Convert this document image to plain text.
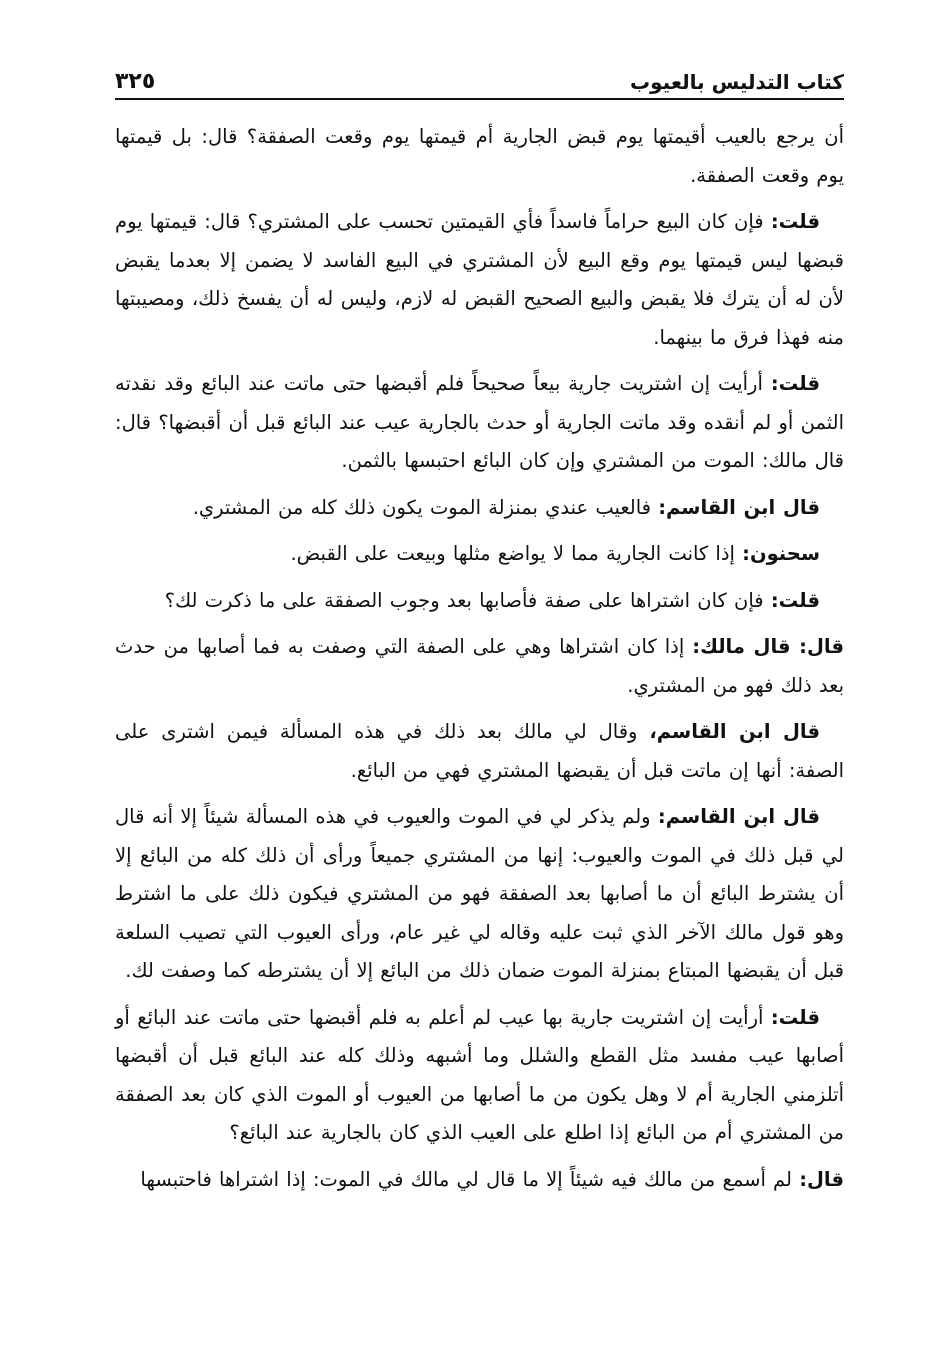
كتاب التدليس بالعيوب
٣٢٥

أن يرجع بالعيب أقيمتها يوم قبض الجارية أم قيمتها يوم وقعت الصفقة؟ قال: بل قيمتها يوم وقعت الصفقة.

قلت: فإن كان البيع حراماً فاسداً فأي القيمتين تحسب على المشتري؟ قال: قيمتها يوم قبضها ليس قيمتها يوم وقع البيع لأن المشتري في البيع الفاسد لا يضمن إلا بعدما يقبض لأن له أن يترك فلا يقبض والبيع الصحيح القبض له لازم، وليس له أن يفسخ ذلك، ومصيبتها منه فهذا فرق ما بينهما.

قلت: أرأيت إن اشتريت جارية بيعاً صحيحاً فلم أقبضها حتى ماتت عند البائع وقد نقدته الثمن أو لم أنقده وقد ماتت الجارية أو حدث بالجارية عيب عند البائع قبل أن أقبضها؟ قال: قال مالك: الموت من المشتري وإن كان البائع احتبسها بالثمن.

قال ابن القاسم: فالعيب عندي بمنزلة الموت يكون ذلك كله من المشتري.

سحنون: إذا كانت الجارية مما لا يواضع مثلها وبيعت على القبض.

قلت: فإن كان اشتراها على صفة فأصابها بعد وجوب الصفقة على ما ذكرت لك؟

قال: قال مالك: إذا كان اشتراها وهي على الصفة التي وصفت به فما أصابها من حدث بعد ذلك فهو من المشتري.

قال ابن القاسم، وقال لي مالك بعد ذلك في هذه المسألة فيمن اشترى على الصفة: أنها إن ماتت قبل أن يقبضها المشتري فهي من البائع.

قال ابن القاسم: ولم يذكر لي في الموت والعيوب في هذه المسألة شيئاً إلا أنه قال لي قبل ذلك في الموت والعيوب: إنها من المشتري جميعاً ورأى أن ذلك كله من البائع إلا أن يشترط البائع أن ما أصابها بعد الصفقة فهو من المشتري فيكون ذلك على ما اشترط وهو قول مالك الآخر الذي ثبت عليه وقاله لي غير عام، ورأى العيوب التي تصيب السلعة قبل أن يقبضها المبتاع بمنزلة الموت ضمان ذلك من البائع إلا أن يشترطه كما وصفت لك.

قلت: أرأيت إن اشتريت جارية بها عيب لم أعلم به فلم أقبضها حتى ماتت عند البائع أو أصابها عيب مفسد مثل القطع والشلل وما أشبهه وذلك كله عند البائع قبل أن أقبضها أتلزمني الجارية أم لا وهل يكون من ما أصابها من العيوب أو الموت الذي كان بعد الصفقة من المشتري أم من البائع إذا اطلع على العيب الذي كان بالجارية عند البائع؟

قال: لم أسمع من مالك فيه شيئاً إلا ما قال لي مالك في الموت: إذا اشتراها فاحتبسها
